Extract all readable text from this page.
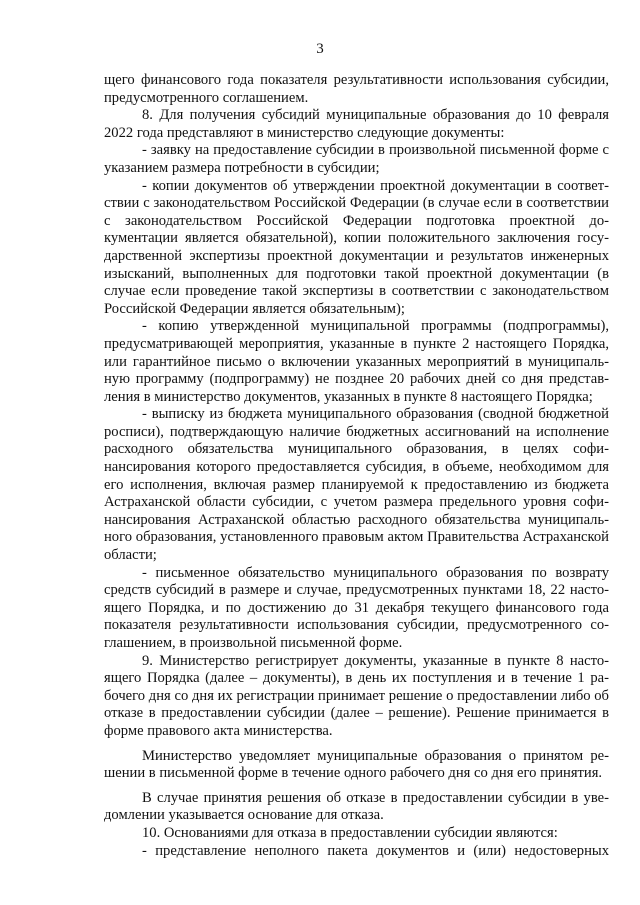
3

щего финансового года показателя результативности использования субсидии, предусмотренного соглашением.

8. Для получения субсидий муниципальные образования до 10 февраля 2022 года представляют в министерство следующие документы:

- заявку на предоставление субсидии в произвольной письменной форме с указанием размера потребности в субсидии;

- копии документов об утверждении проектной документации в соответствии с законодательством Российской Федерации (в случае если в соответствии с законодательством Российской Федерации подготовка проектной документации является обязательной), копии положительного заключения государственной экспертизы проектной документации и результатов инженерных изысканий, выполненных для подготовки такой проектной документации (в случае если проведение такой экспертизы в соответствии с законодательством Российской Федерации является обязательным);

- копию утвержденной муниципальной программы (подпрограммы), предусматривающей мероприятия, указанные в пункте 2 настоящего Порядка, или гарантийное письмо о включении указанных мероприятий в муниципальную программу (подпрограмму) не позднее 20 рабочих дней со дня представления в министерство документов, указанных в пункте 8 настоящего Порядка;

- выписку из бюджета муниципального образования (сводной бюджетной росписи), подтверждающую наличие бюджетных ассигнований на исполнение расходного обязательства муниципального образования, в целях софинансирования которого предоставляется субсидия, в объеме, необходимом для его исполнения, включая размер планируемой к предоставлению из бюджета Астраханской области субсидии, с учетом размера предельного уровня софинансирования Астраханской областью расходного обязательства муниципального образования, установленного правовым актом Правительства Астраханской области;

- письменное обязательство муниципального образования по возврату средств субсидий в размере и случае, предусмотренных пунктами 18, 22 настоящего Порядка, и по достижению до 31 декабря текущего финансового года показателя результативности использования субсидии, предусмотренного соглашением, в произвольной письменной форме.

9. Министерство регистрирует документы, указанные в пункте 8 настоящего Порядка (далее – документы), в день их поступления и в течение 1 рабочего дня со дня их регистрации принимает решение о предоставлении либо об отказе в предоставлении субсидии (далее – решение). Решение принимается в форме правового акта министерства.

Министерство уведомляет муниципальные образования о принятом решении в письменной форме в течение одного рабочего дня со дня его принятия.

В случае принятия решения об отказе в предоставлении субсидии в уведомлении указывается основание для отказа.

10. Основаниями для отказа в предоставлении субсидии являются:

- представление неполного пакета документов и (или) недостоверных
